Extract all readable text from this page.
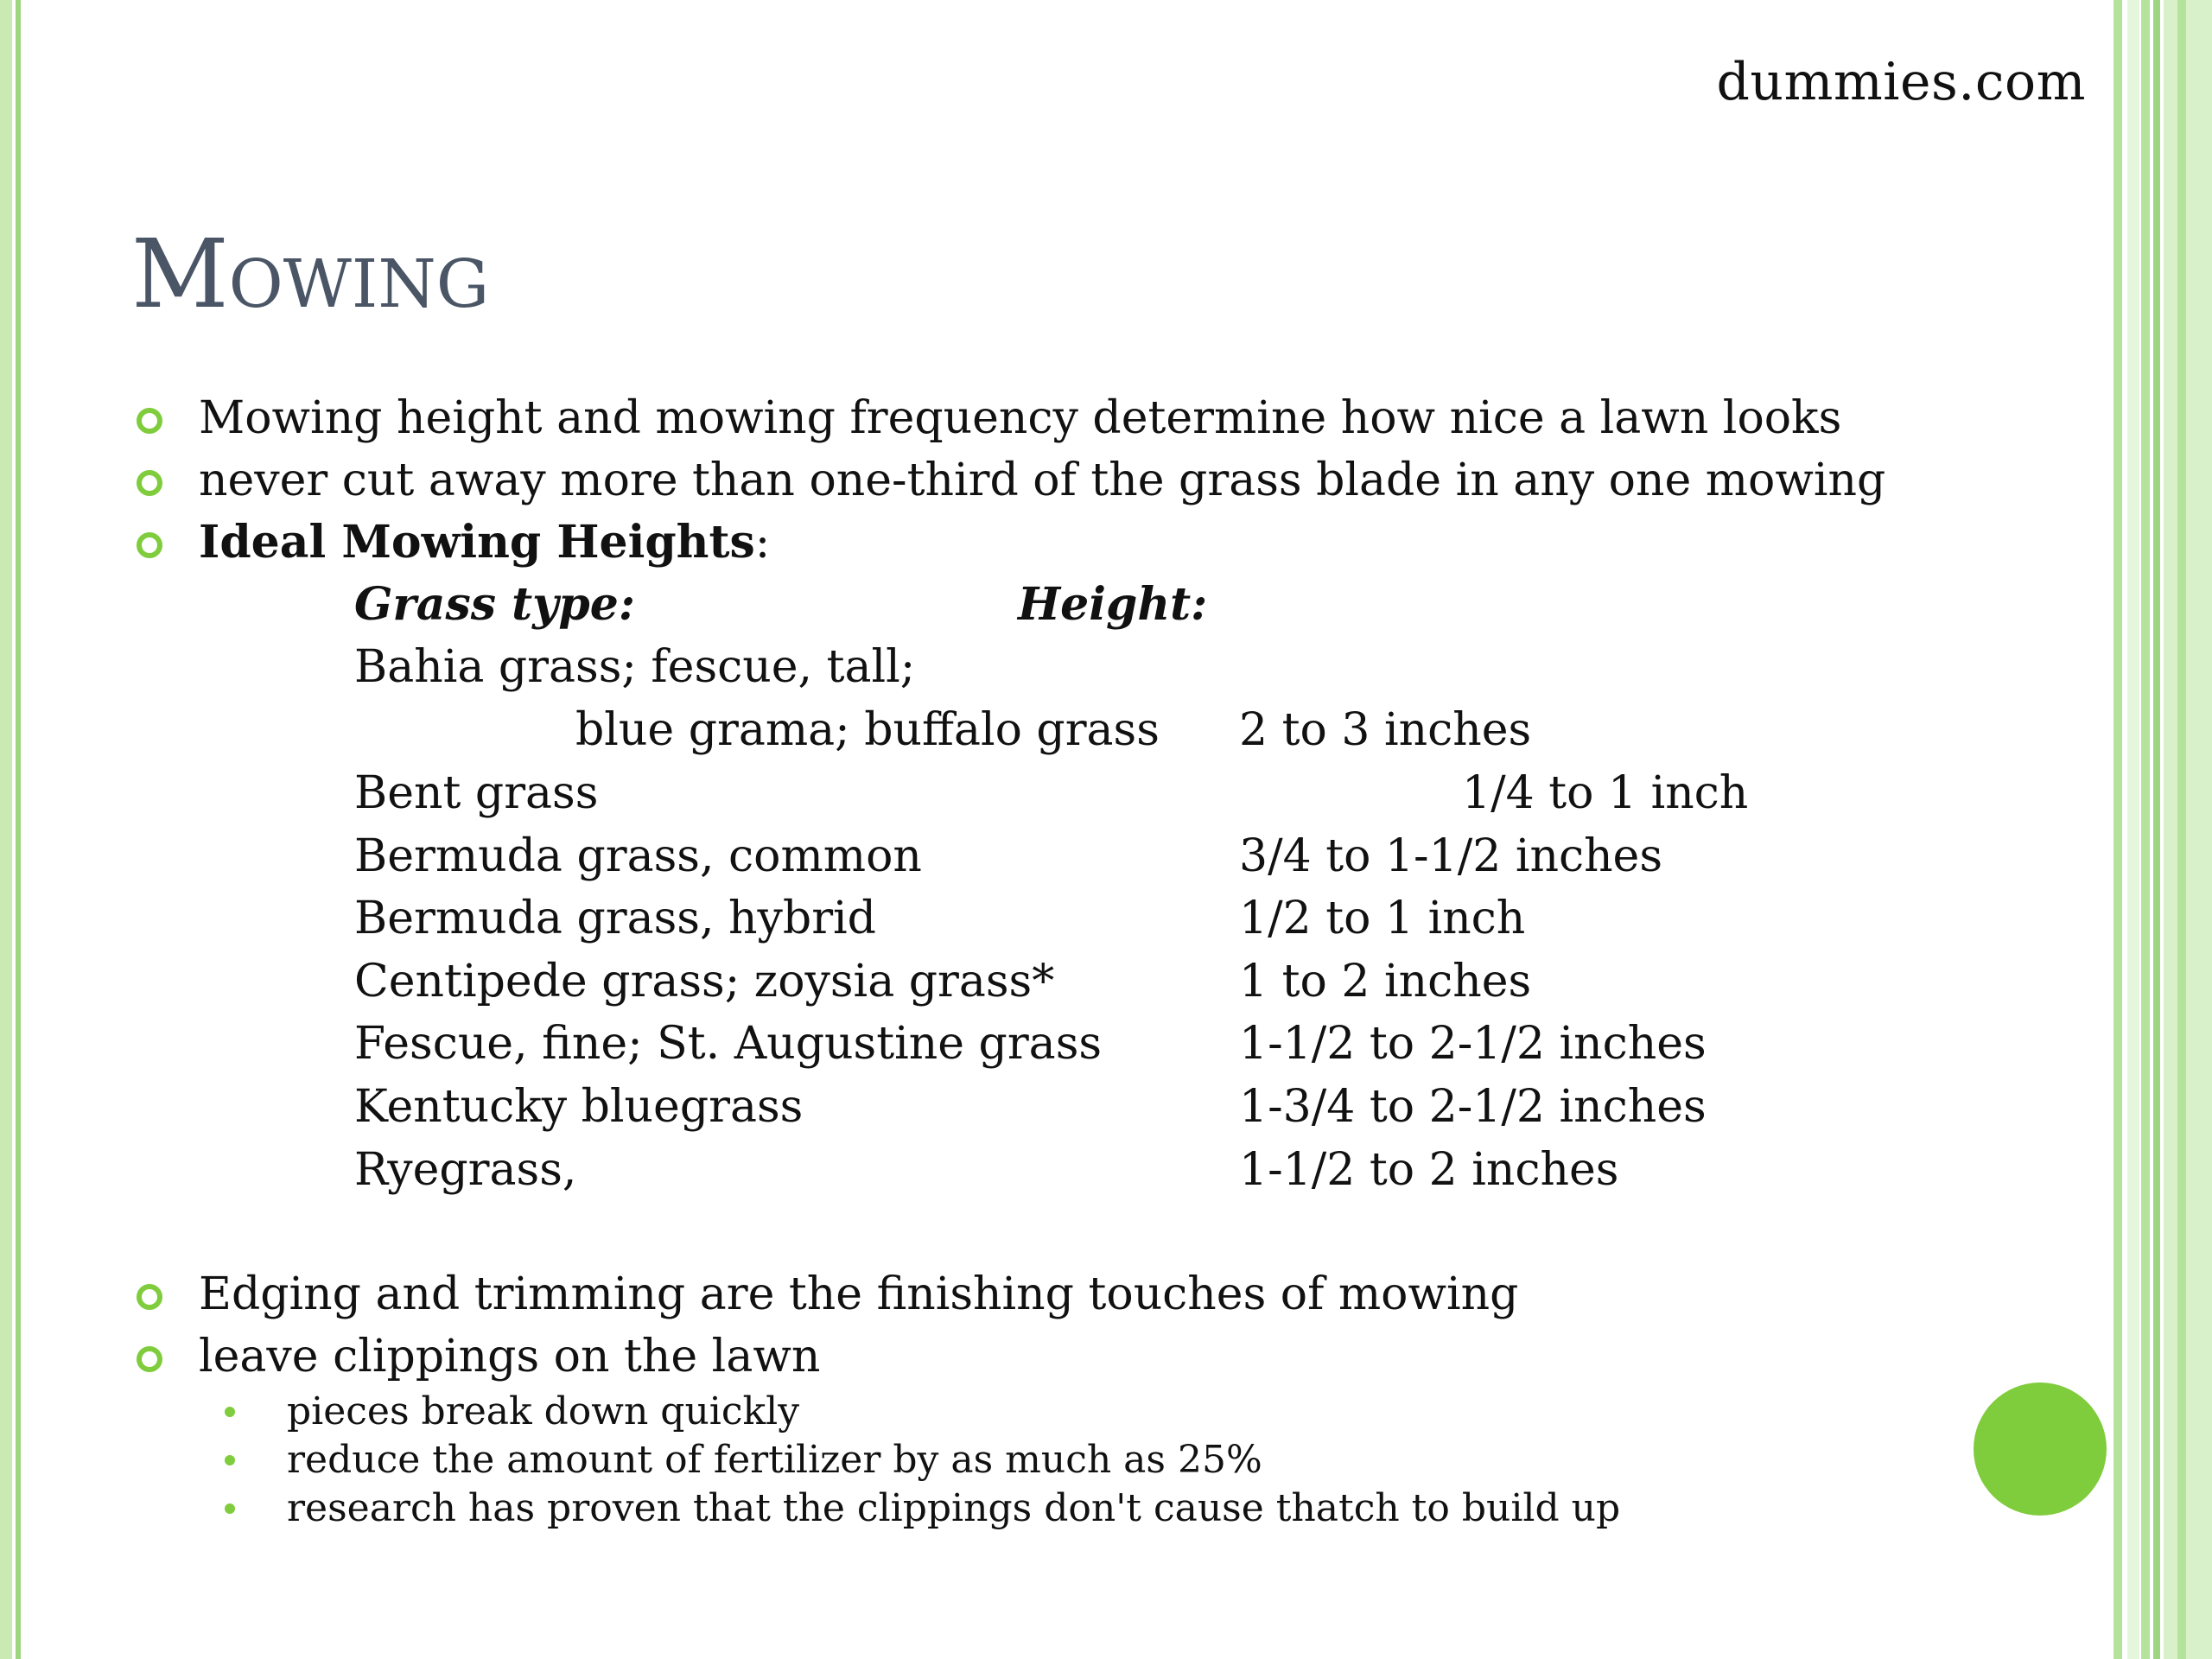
dummies.com
Mowing
Mowing height and mowing frequency determine how nice a lawn looks
never cut away more than one-third of the grass blade in any one mowing
Ideal Mowing Heights:
Grass type:	Height:
Bahia grass; fescue, tall;
blue grama; buffalo grass 2 to 3 inches
Bent grass	1/4 to 1 inch
Bermuda grass, common	3/4 to 1-1/2 inches
Bermuda grass, hybrid	1/2 to 1 inch
Centipede grass; zoysia grass*	1 to 2 inches
Fescue, fine; St. Augustine grass	1-1/2 to 2-1/2 inches
Kentucky bluegrass	1-3/4 to 2-1/2 inches
Ryegrass,	1-1/2 to 2 inches
Edging and trimming are the finishing touches of mowing
leave clippings on the lawn
pieces break down quickly
reduce the amount of fertilizer by as much as 25%
research has proven that the clippings don't cause thatch to build up
